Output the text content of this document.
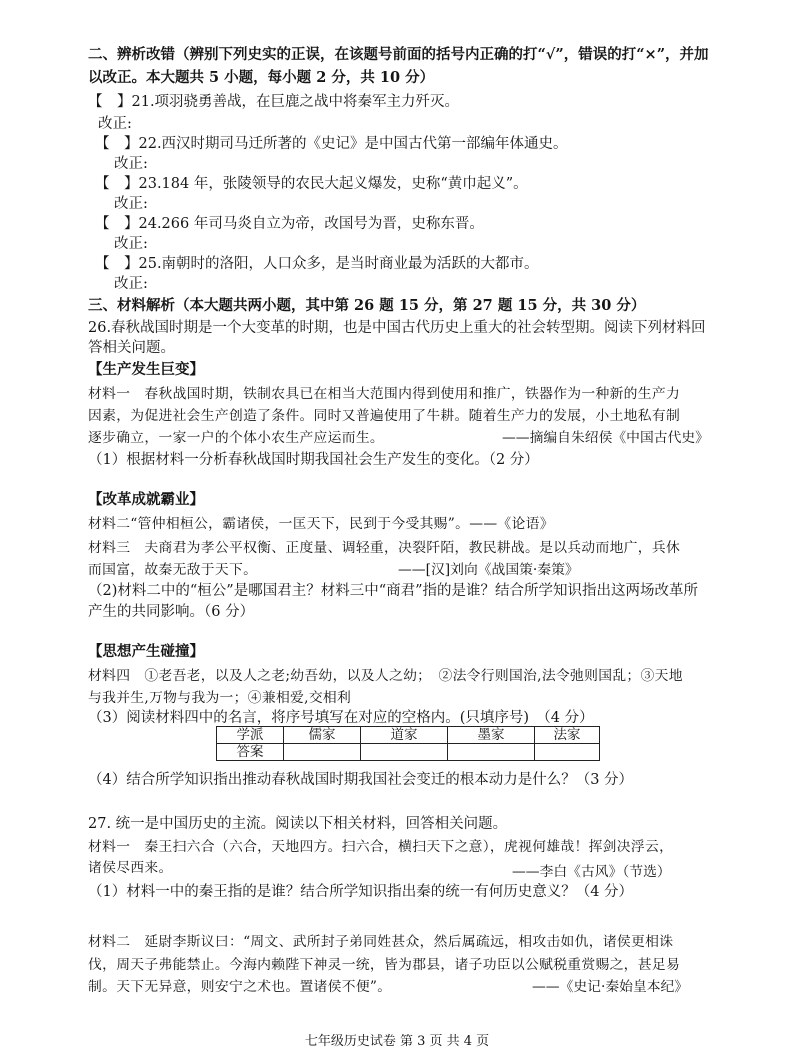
二、辨析改错（辨别下列史实的正误，在该题号前面的括号内正确的打“√”，错误的打“×”，并加
以改正。本大题共 5 小题，每小题 2 分，共 10 分）
【　】21.项羽骁勇善战，在巨鹿之战中将秦军主力歼灭。
改正:
【　】22.西汉时期司马迁所著的《史记》是中国古代第一部编年体通史。
改正:
【　】23.184 年，张陵领导的农民大起义爆发，史称“黄巾起义”。
改正:
【　】24.266 年司马炎自立为帝，改国号为晋，史称东晋。
改正:
【　】25.南朝时的洛阳，人口众多，是当时商业最为活跃的大都市。
改正:
三、材料解析（本大题共两小题，其中第 26 题 15 分，第 27 题 15 分，共 30 分）
26.春秋战国时期是一个大变革的时期，也是中国古代历史上重大的社会转型期。阅读下列材料回
答相关问题。
【生产发生巨变】
材料一　春秋战国时期，铁制农具已在相当大范围内得到使用和推广，铁器作为一种新的生产力
因素，为促进社会生产创造了条件。同时又普遍使用了牛耕。随着生产力的发展，小土地私有制
逐步确立，一家一户的个体小农生产应运而生。	——摘编自朱绍侯《中国古代史》
（1）根据材料一分析春秋战国时期我国社会生产发生的变化。（2 分）
【改革成就霸业】
材料二“管仲相桓公，霸诸侯，一匡天下，民到于今受其赐”。——《论语》
材料三　夫商君为孝公平权衡、正度量、调轻重，决裂阡陌，教民耕战。是以兵动而地广，兵休
而国富，故秦无敌于天下。	——[汉]刘向《战国策·秦策》
（2)材料二中的“桓公”是哪国君主？材料三中“商君”指的是谁？结合所学知识指出这两场改革所
产生的共同影响。（6 分）
【思想产生碰撞】
材料四　①老吾老，以及人之老;幼吾幼，以及人之幼；　②法令行则国治,法令弛则国乱；③天地
与我并生,万物与我为一；④兼相爱,交相利
（3）阅读材料四中的名言，将序号填写在对应的空格内。(只填序号)　（4 分）
学派	儒家	道家	墨家	法家
答案				
（4）结合所学知识指出推动春秋战国时期我国社会变迁的根本动力是什么？（3 分）
27. 统一是中国历史的主流。阅读以下相关材料，回答相关问题。
材料一　秦王扫六合（六合，天地四方。扫六合，横扫天下之意），虎视何雄哉！挥剑决浮云，
诸侯尽西来。	——李白《古风》（节选）
（1）材料一中的秦王指的是谁？结合所学知识指出秦的统一有何历史意义？（4 分）
材料二　延尉李斯议曰：“周文、武所封子弟同姓甚众，然后属疏远，相攻击如仇，诸侯更相诛
伐，周天子弗能禁止。今海内赖陛下神灵一统，皆为郡县，诸子功臣以公赋税重赏赐之，甚足易
制。天下无异意，则安宁之术也。置诸侯不便”。	——《史记·秦始皇本纪》
七年级历史试卷 第 3 页 共 4 页
